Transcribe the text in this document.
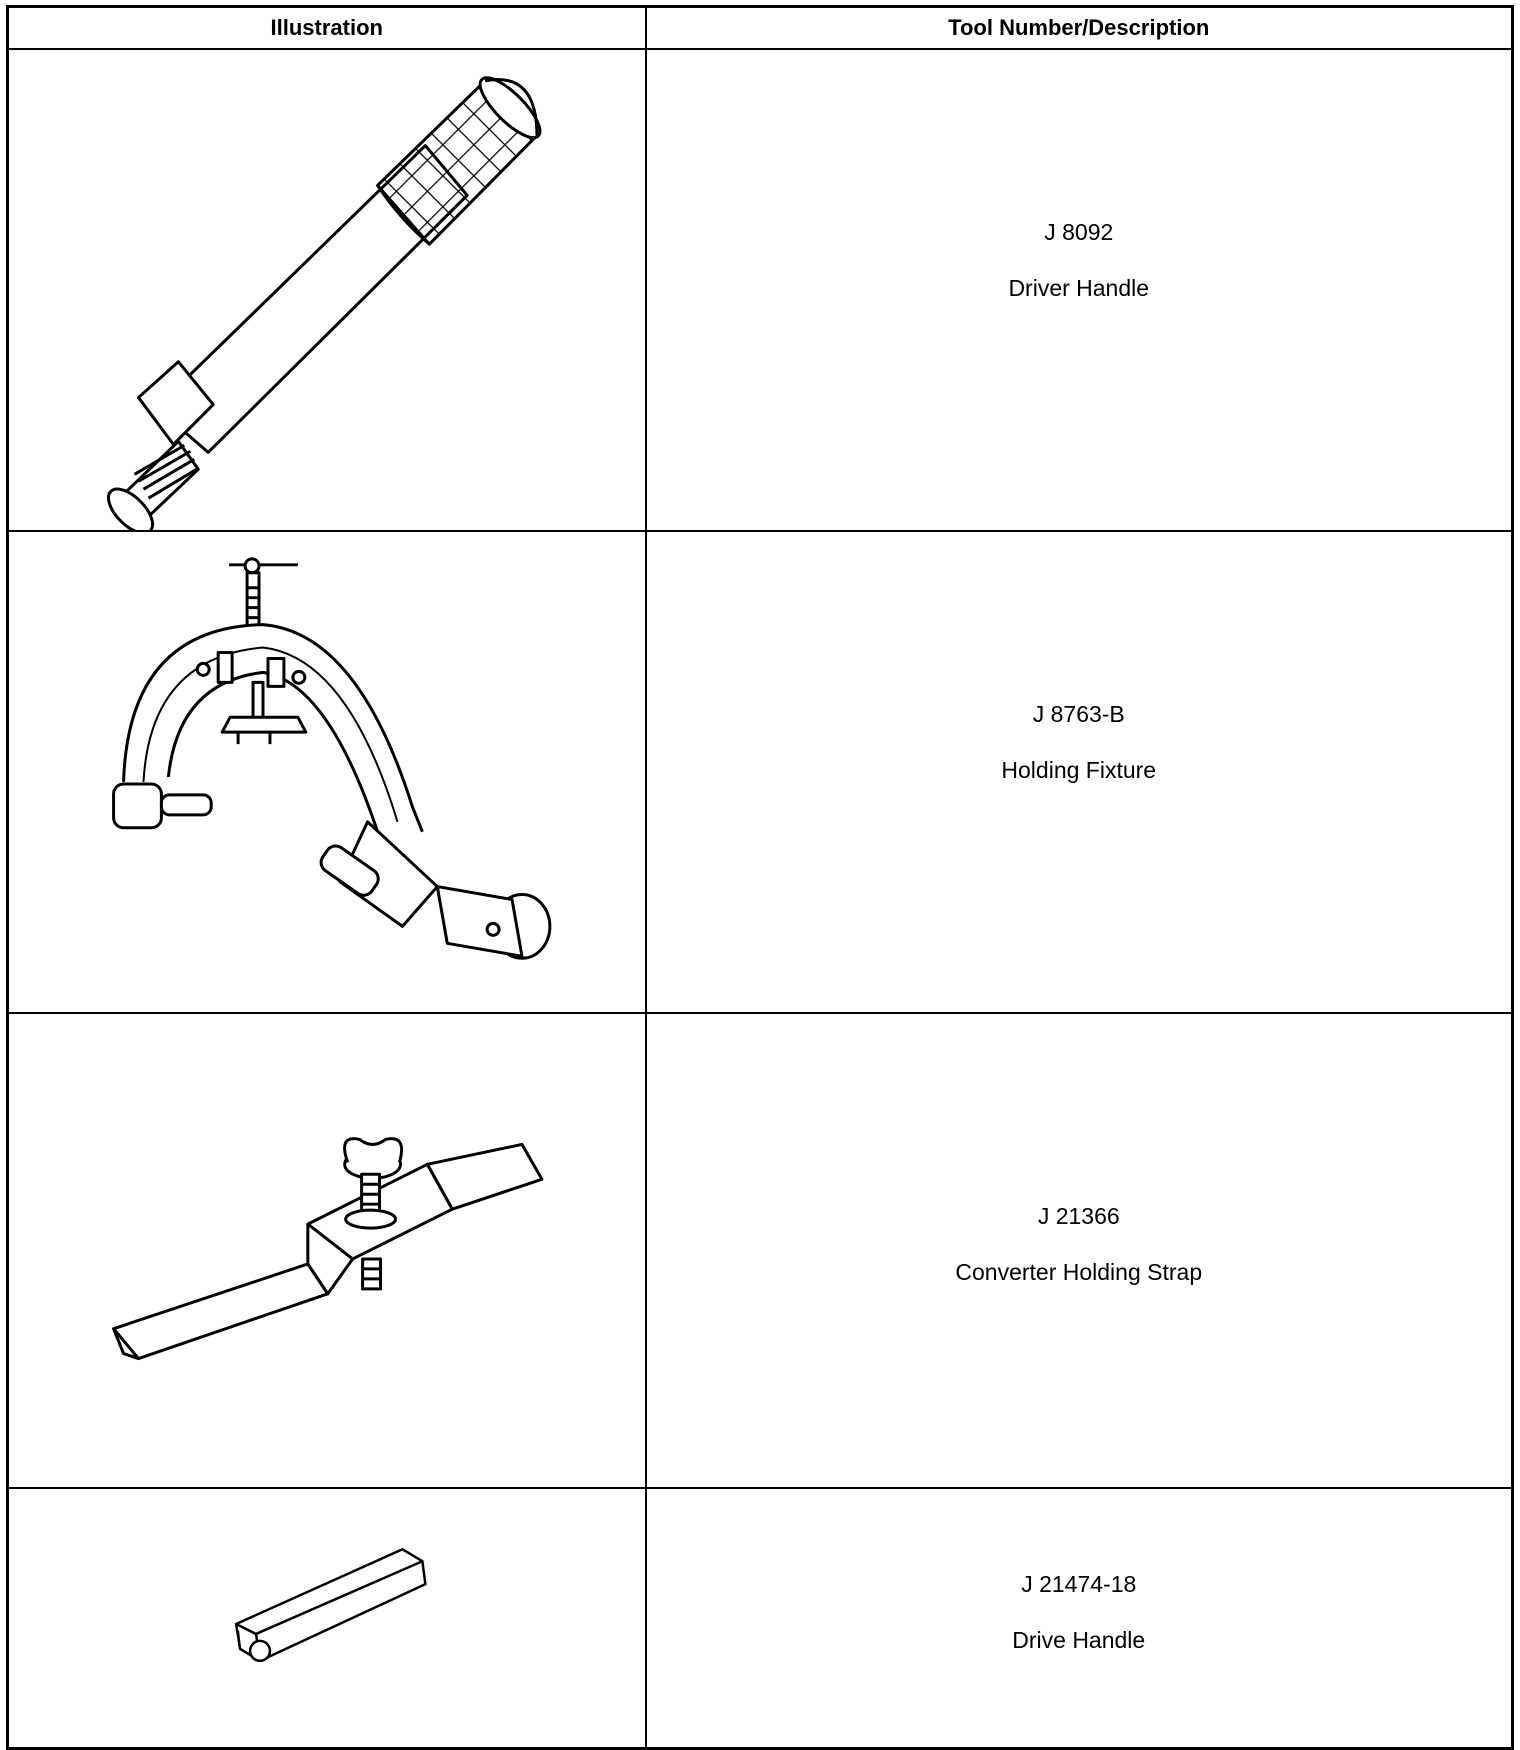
Illustration	Tool Number/Description

J 8092
Driver Handle

J 8763-B
Holding Fixture

J 21366
Converter Holding Strap

J 21474-18
Drive Handle
